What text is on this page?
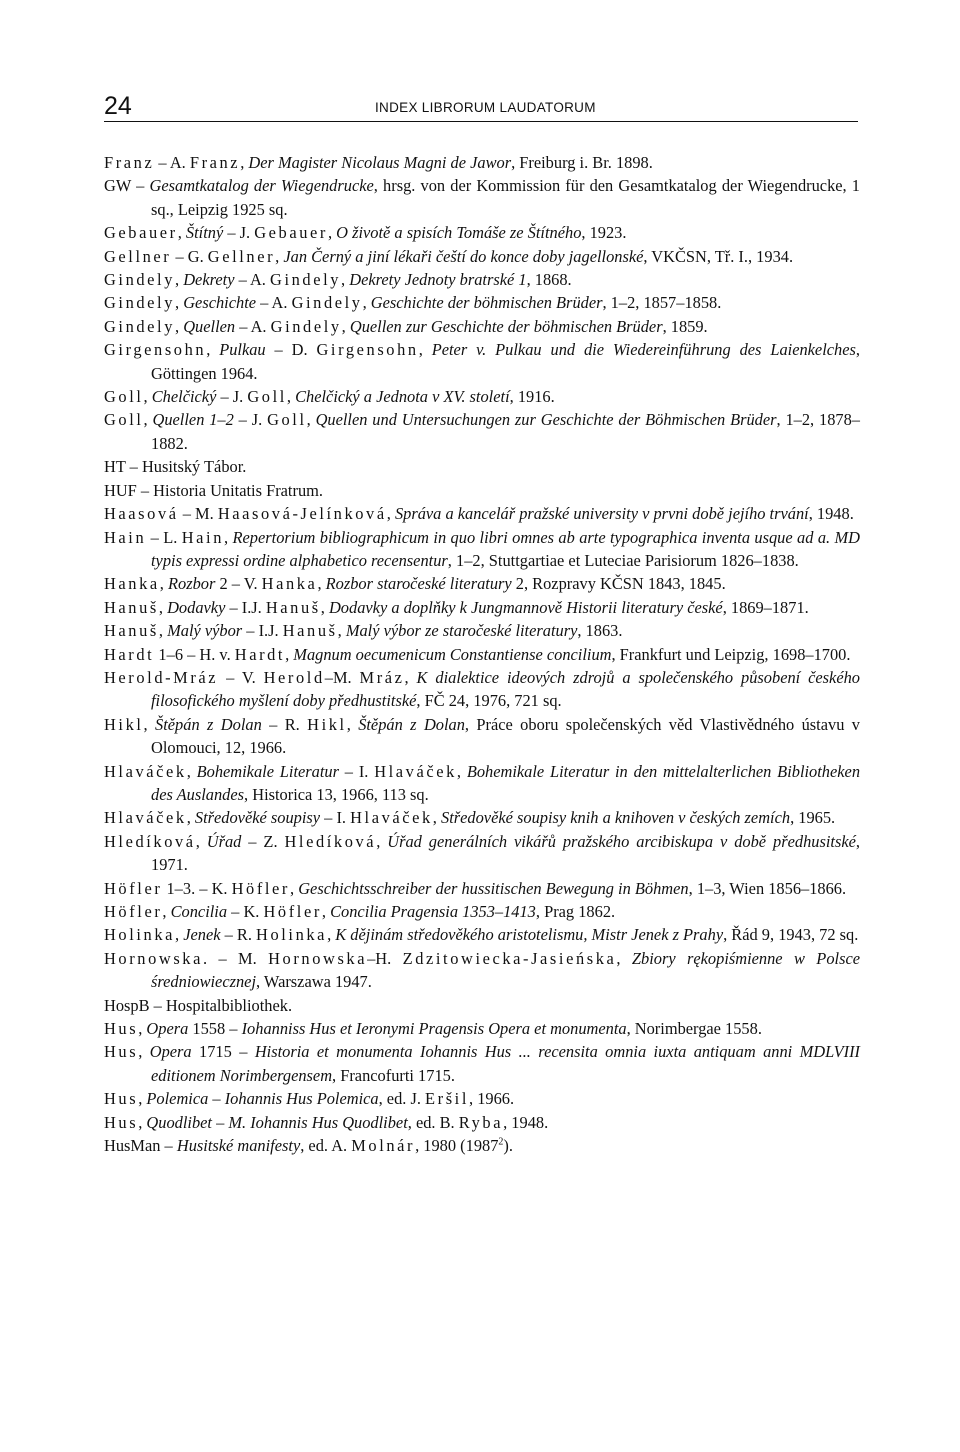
24	INDEX LIBRORUM LAUDATORUM
Franz – A. Franz, Der Magister Nicolaus Magni de Jawor, Freiburg i. Br. 1898.
GW – Gesamtkatalog der Wiegendrucke, hrsg. von der Kommission für den Gesamtkatalog der Wiegendrucke, 1 sq., Leipzig 1925 sq.
Gebauer, Štítný – J. Gebauer, O životě a spisích Tomáše ze Štítného, 1923.
Gellner – G. Gellner, Jan Černý a jiní lékaři čeští do konce doby jagellonské, VKČSN, Tř. I., 1934.
Gindely, Dekrety – A. Gindely, Dekrety Jednoty bratrské 1, 1868.
Gindely, Geschichte – A. Gindely, Geschichte der böhmischen Brüder, 1–2, 1857–1858.
Gindely, Quellen – A. Gindely, Quellen zur Geschichte der böhmischen Brüder, 1859.
Girgensohn, Pulkau – D. Girgensohn, Peter v. Pulkau und die Wiedereinführung des Laienkelches, Göttingen 1964.
Goll, Chelčický – J. Goll, Chelčický a Jednota v XV. století, 1916.
Goll, Quellen 1–2 – J. Goll, Quellen und Untersuchungen zur Geschichte der Böhmischen Brüder, 1–2, 1878–1882.
HT – Husitský Tábor.
HUF – Historia Unitatis Fratrum.
Haasová – M. Haasová-Jelínková, Správa a kancelář pražské university v prvni době jejího trvání, 1948.
Hain – L. Hain, Repertorium bibliographicum in quo libri omnes ab arte typographica inventa usque ad a. MD typis expressi ordine alphabetico recensentur, 1–2, Stuttgartiae et Luteciae Parisiorum 1826–1838.
Hanka, Rozbor 2 – V. Hanka, Rozbor staročeské literatury 2, Rozpravy KČSN 1843, 1845.
Hanuš, Dodavky – I.J. Hanuš, Dodavky a doplňky k Jungmannově Historii literatury české, 1869–1871.
Hanuš, Malý výbor – I.J. Hanuš, Malý výbor ze staročeské literatury, 1863.
Hardt 1–6 – H. v. Hardt, Magnum oecumenicum Constantiense concilium, Frankfurt und Leipzig, 1698–1700.
Herold-Mráz – V. Herold–M. Mráz, K dialektice ideových zdrojů a společenského působení českého filosofického myšlení doby předhustitské, FČ 24, 1976, 721 sq.
Hikl, Štěpán z Dolan – R. Hikl, Štěpán z Dolan, Práce oboru společenských věd Vlastivědného ústavu v Olomouci, 12, 1966.
Hlaváček, Bohemikale Literatur – I. Hlaváček, Bohemikale Literatur in den mittelalterlichen Bibliotheken des Auslandes, Historica 13, 1966, 113 sq.
Hlaváček, Středověké soupisy – I. Hlaváček, Středověké soupisy knih a knihoven v českých zemích, 1965.
Hledíková, Úřad – Z. Hledíková, Úřad generálních vikářů pražského arcibiskupa v době předhusitské, 1971.
Höfler 1–3. – K. Höfler, Geschichtsschreiber der hussitischen Bewegung in Böhmen, 1–3, Wien 1856–1866.
Höfler, Concilia – K. Höfler, Concilia Pragensia 1353–1413, Prag 1862.
Holinka, Jenek – R. Holinka, K dějinám středověkého aristotelismu, Mistr Jenek z Prahy, Řád 9, 1943, 72 sq.
Hornowska. – M. Hornowska–H. Zdzitowiecka-Jasieńska, Zbiory rękopiśmienne w Polsce średniowiecznej, Warszawa 1947.
HospB – Hospitalbibliothek.
Hus, Opera 1558 – Iohanniss Hus et Ieronymi Pragensis Opera et monumenta, Norimbergae 1558.
Hus, Opera 1715 – Historia et monumenta Iohannis Hus ... recensita omnia iuxta antiquam anni MDLVIII editionem Norimbergensem, Francofurti 1715.
Hus, Polemica – Iohannis Hus Polemica, ed. J. Eršil, 1966.
Hus, Quodlibet – M. Iohannis Hus Quodlibet, ed. B. Ryba, 1948.
HusMan – Husitské manifesty, ed. A. Molnár, 1980 (1987$^2$).
